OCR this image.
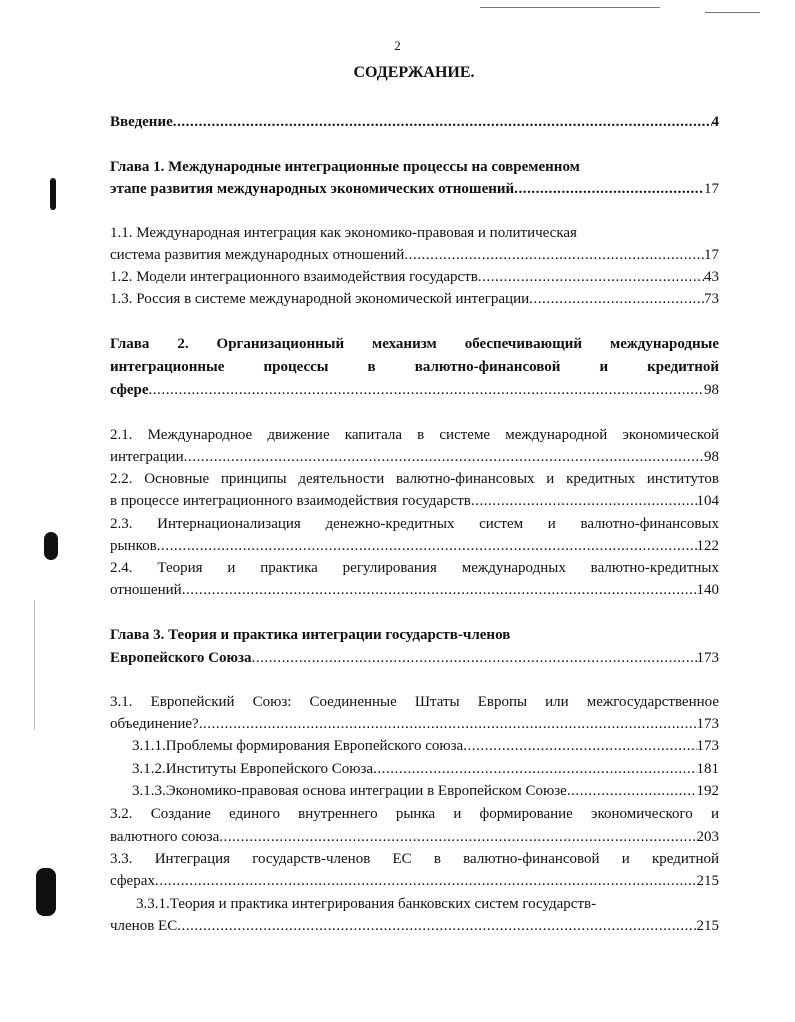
2
СОДЕРЖАНИЕ.
Введение . . .	4
Глава 1. Международные интеграционные процессы на современном
этапе развития международных экономических отношений . . .	17
1.1. Международная интеграция как экономико-правовая и политическая
система развития международных отношений . . .	17
1.2. Модели интеграционного взаимодействия государств . . .	43
1.3. Россия в системе международной экономической интеграции . . .	73
Глава 2. Организационный механизм обеспечивающий международные
интеграционные процессы в валютно-финансовой и кредитной
сфере . . .	98
2.1. Международное движение капитала в системе международной экономической
интеграции . . .	98
2.2. Основные принципы деятельности валютно-финансовых и кредитных институтов
в процессе интеграционного взаимодействия государств . . .	104
2.3. Интернационализация денежно-кредитных систем и валютно-финансовых
рынков . . .	122
2.4. Теория и практика регулирования международных валютно-кредитных
отношений . . .	140
Глава 3. Теория и практика интеграции государств-членов
Европейского Союза . . .	173
3.1. Европейский Союз: Соединенные Штаты Европы или межгосударственное
объединение? . . .	173
3.1.1.Проблемы формирования Европейского союза . . .	173
3.1.2.Институты Европейского Союза . . .	181
3.1.3.Экономико-правовая основа интеграции в Европейском Союзе . . .	192
3.2. Создание единого внутреннего рынка и формирование экономического и
валютного союза . . .	203
3.3. Интеграция государств-членов ЕС в валютно-финансовой и кредитной
сферах . . .	215
3.3.1.Теория и практика интегрирования банковских систем государств-
членов ЕС . . .	215
